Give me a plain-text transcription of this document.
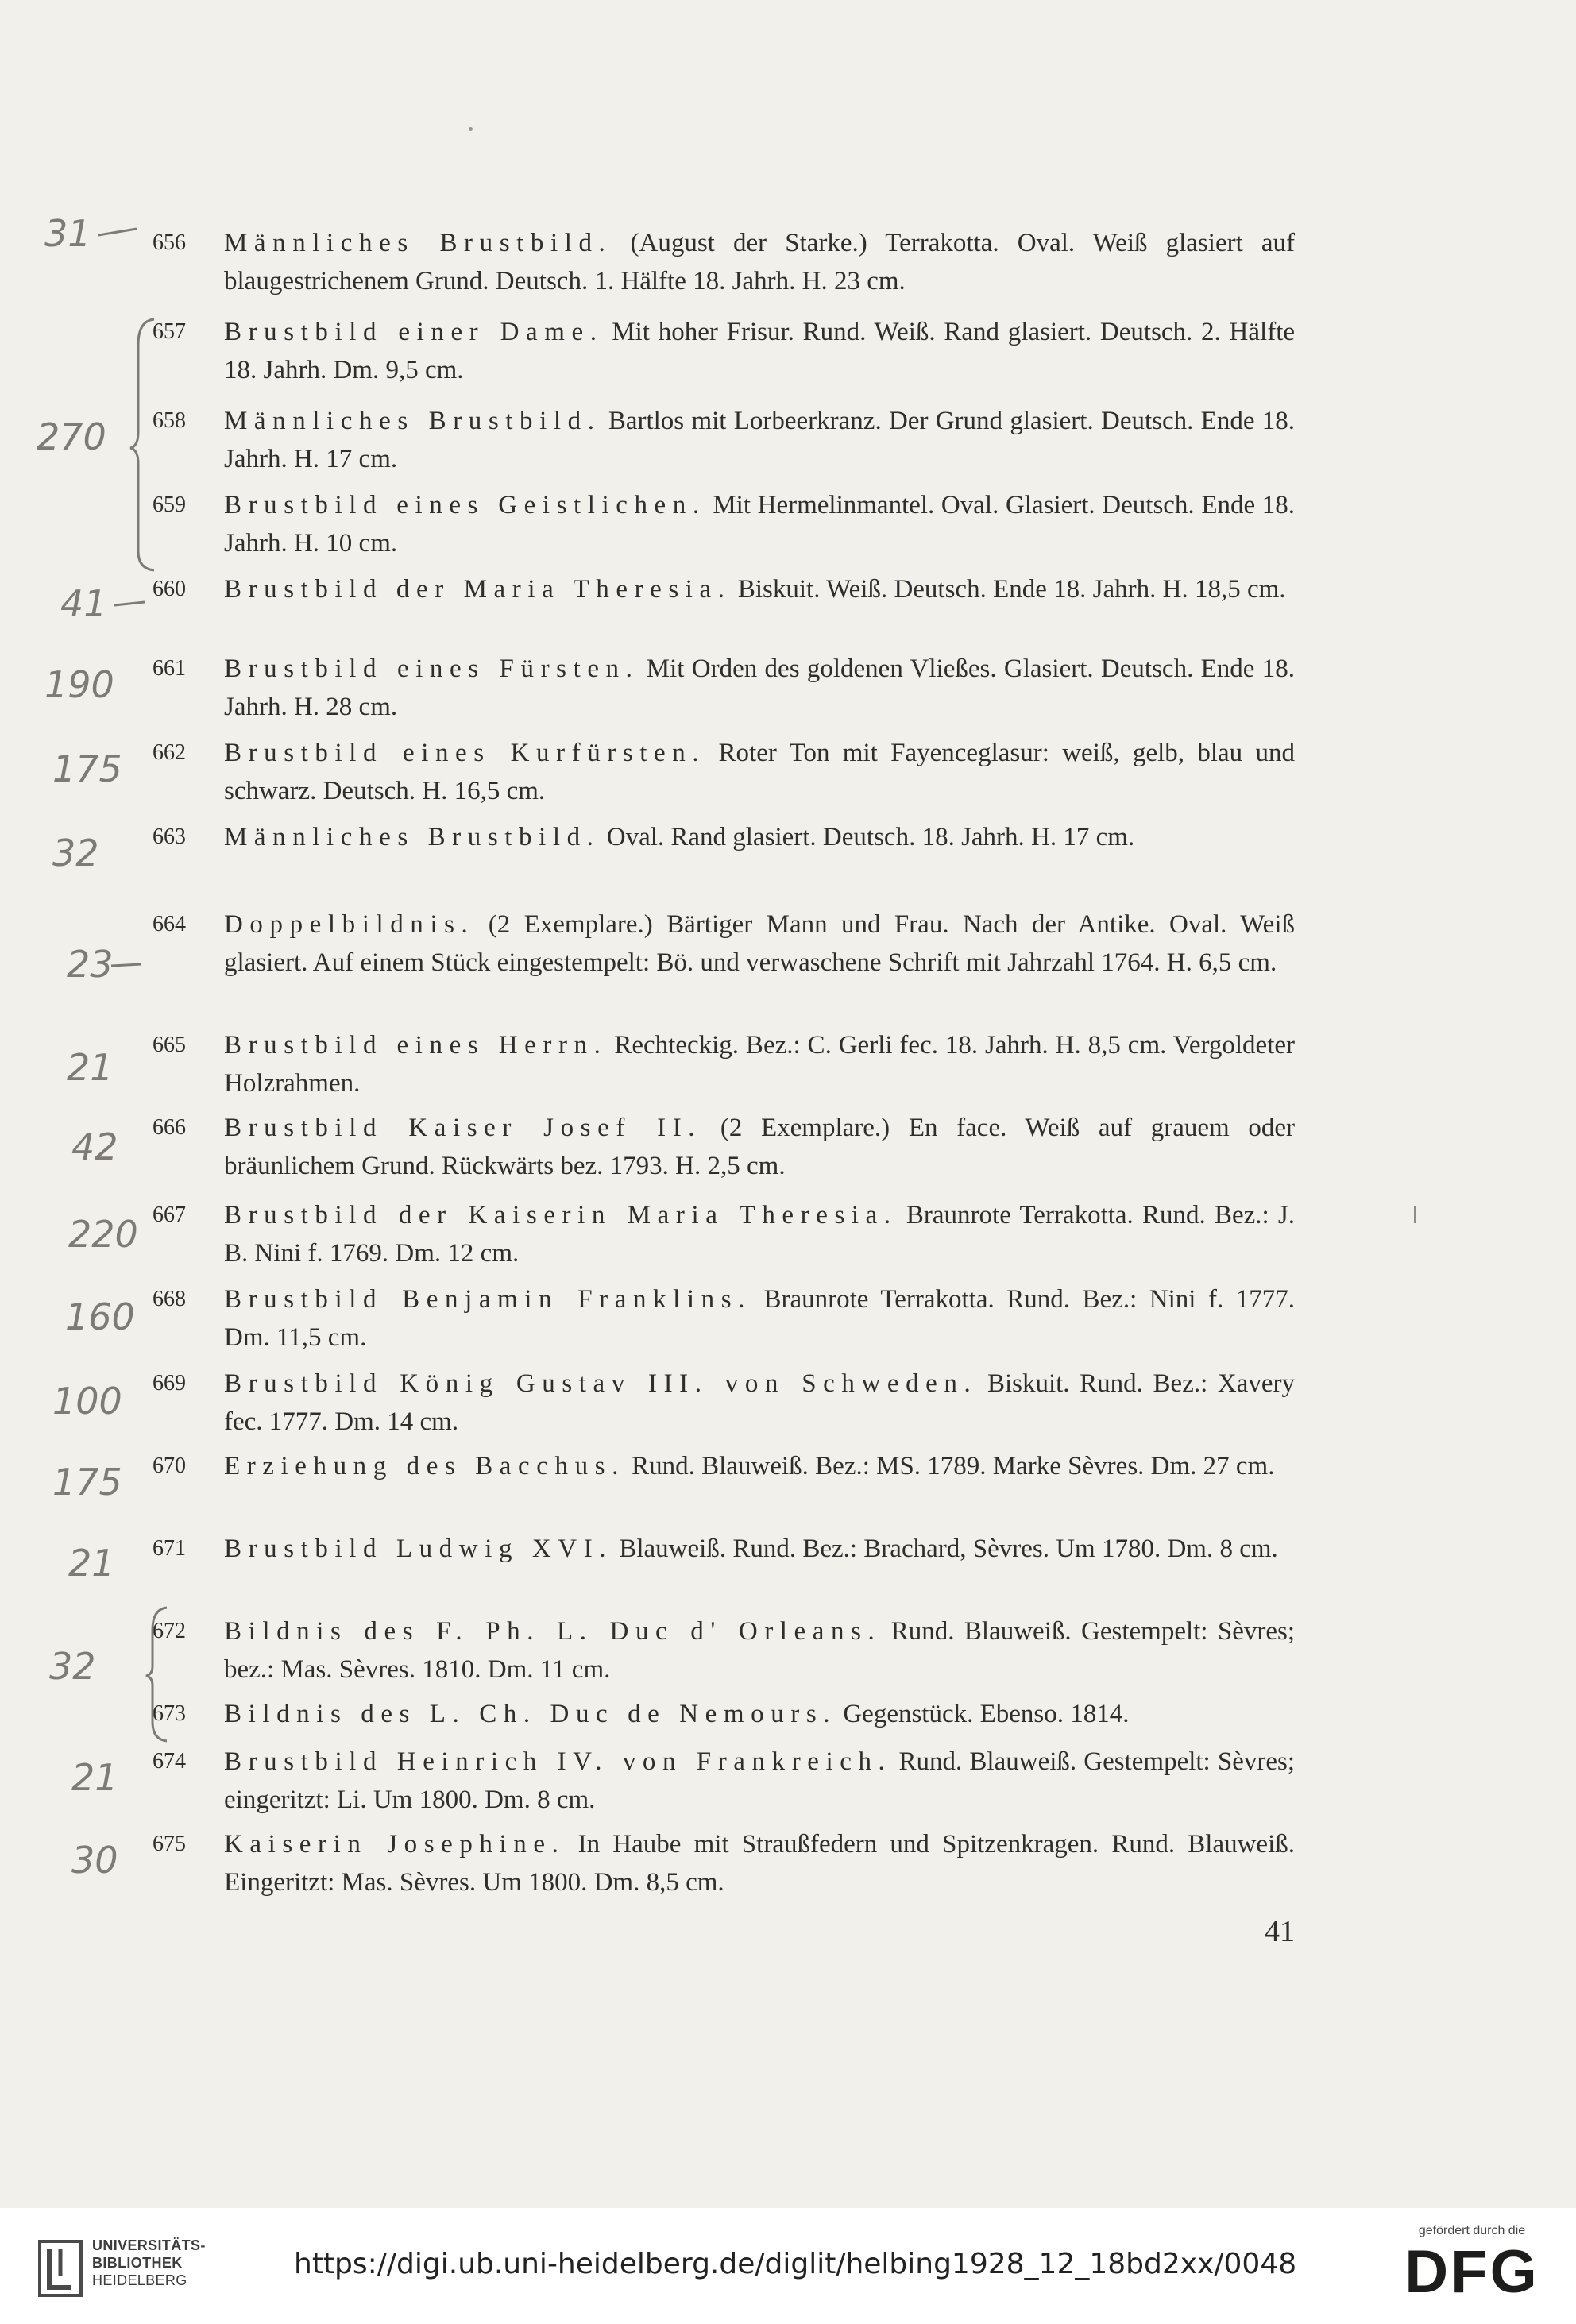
656 Männliches Brustbild. (August der Starke.) Terrakotta. Oval. Weiß glasiert auf blaugestrichenem Grund. Deutsch. 1. Hälfte 18. Jahrh. H. 23 cm.
657 Brustbild einer Dame. Mit hoher Frisur. Rund. Weiß. Rand glasiert. Deutsch. 2. Hälfte 18. Jahrh. Dm. 9,5 cm.
658 Männliches Brustbild. Bartlos mit Lorbeerkranz. Der Grund glasiert. Deutsch. Ende 18. Jahrh. H. 17 cm.
659 Brustbild eines Geistlichen. Mit Hermelinmantel. Oval. Glasiert. Deutsch. Ende 18. Jahrh. H. 10 cm.
660 Brustbild der Maria Theresia. Biskuit. Weiß. Deutsch. Ende 18. Jahrh. H. 18,5 cm.
661 Brustbild eines Fürsten. Mit Orden des goldenen Vließes. Glasiert. Deutsch. Ende 18. Jahrh. H. 28 cm.
662 Brustbild eines Kurfürsten. Roter Ton mit Fayenceglasur: weiß, gelb, blau und schwarz. Deutsch. H. 16,5 cm.
663 Männliches Brustbild. Oval. Rand glasiert. Deutsch. 18. Jahrh. H. 17 cm.
664 Doppelbildnis. (2 Exemplare.) Bärtiger Mann und Frau. Nach der Antike. Oval. Weiß glasiert. Auf einem Stück eingestempelt: Bö. und verwaschene Schrift mit Jahrzahl 1764. H. 6,5 cm.
665 Brustbild eines Herrn. Rechteckig. Bez.: C. Gerli fec. 18. Jahrh. H. 8,5 cm. Vergoldeter Holzrahmen.
666 Brustbild Kaiser Josef II. (2 Exemplare.) En face. Weiß auf grauem oder bräunlichem Grund. Rückwärts bez. 1793. H. 2,5 cm.
667 Brustbild der Kaiserin Maria Theresia. Braunrote Terrakotta. Rund. Bez.: J. B. Nini f. 1769. Dm. 12 cm.
668 Brustbild Benjamin Franklins. Braunrote Terrakotta. Rund. Bez.: Nini f. 1777. Dm. 11,5 cm.
669 Brustbild König Gustav III. von Schweden. Biskuit. Rund. Bez.: Xavery fec. 1777. Dm. 14 cm.
670 Erziehung des Bacchus. Rund. Blauweiß. Bez.: MS. 1789. Marke Sèvres. Dm. 27 cm.
671 Brustbild Ludwig XVI. Blauweiß. Rund. Bez.: Brachard, Sèvres. Um 1780. Dm. 8 cm.
672 Bildnis des F. Ph. L. Duc d' Orleans. Rund. Blauweiß. Gestempelt: Sèvres; bez.: Mas. Sèvres. 1810. Dm. 11 cm.
673 Bildnis des L. Ch. Duc de Nemours. Gegenstück. Ebenso. 1814.
674 Brustbild Heinrich IV. von Frankreich. Rund. Blauweiß. Gestempelt: Sèvres; eingeritzt: Li. Um 1800. Dm. 8 cm.
675 Kaiserin Josephine. In Haube mit Straußfedern und Spitzenkragen. Rund. Blauweiß. Eingeritzt: Mas. Sèvres. Um 1800. Dm. 8,5 cm.
31
270
41
190
175
32
23
21
42
220
160
100
175
21
32
21
30
41
UNIVERSITÄTS-
BIBLIOTHEK
HEIDELBERG	https://digi.ub.uni-heidelberg.de/diglit/helbing1928_12_18bd2xx/0048
gefördert durch die
DFG
